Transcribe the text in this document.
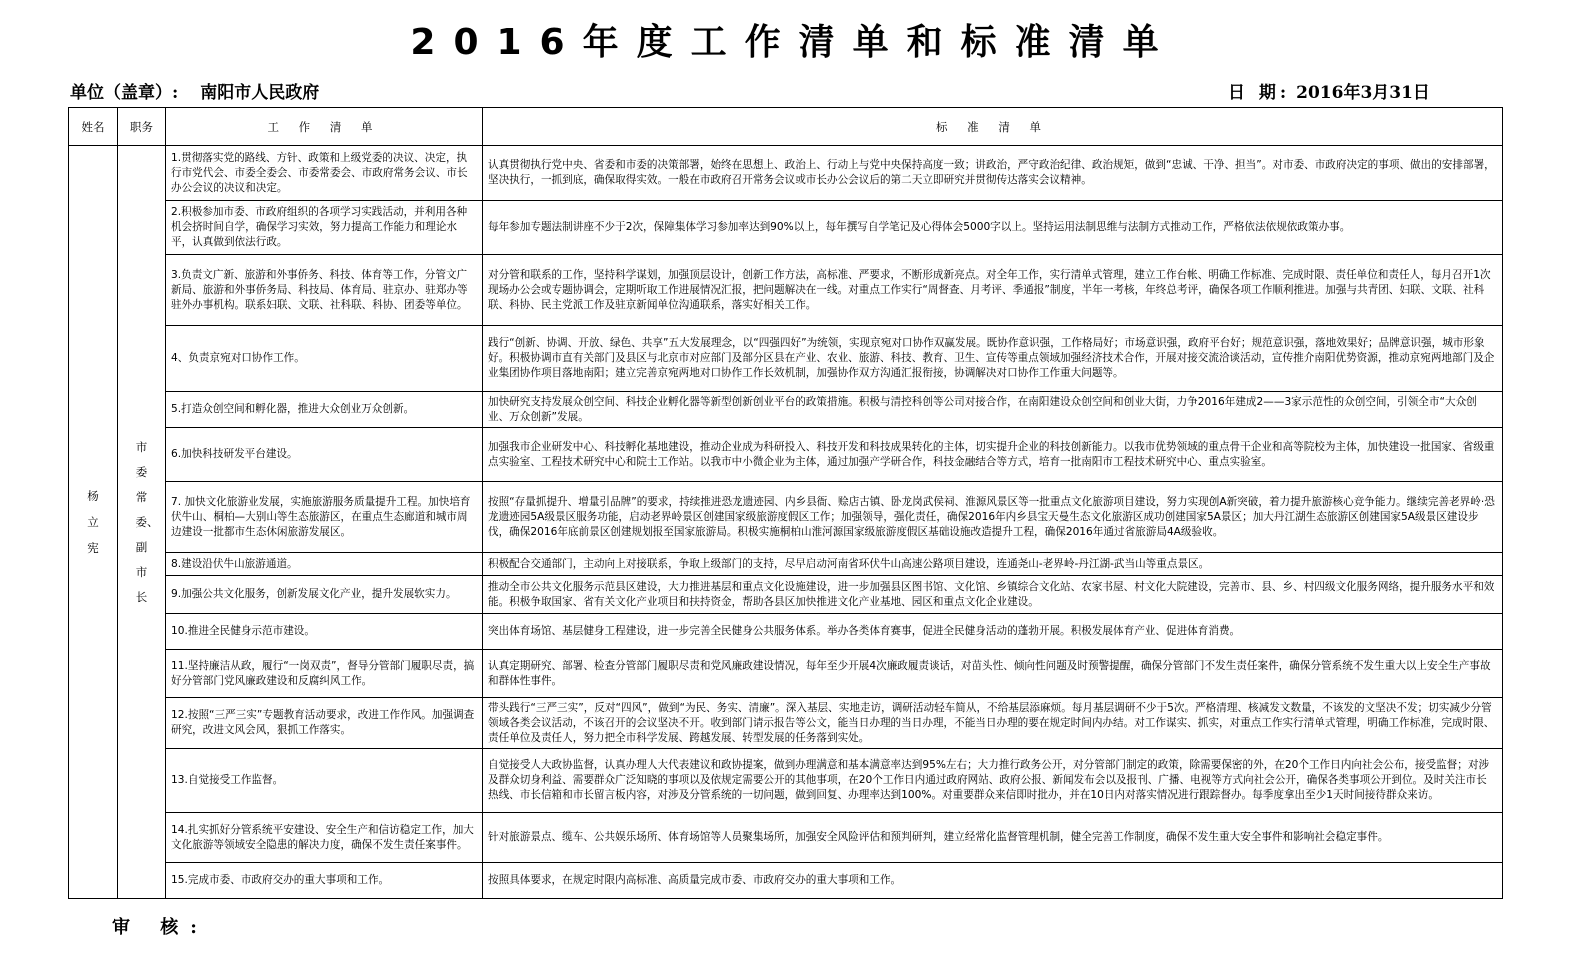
2016年度工作清单和标准清单
单位（盖章）: 南阳市人民政府	日 期: 2016年3月31日
姓名	职务	工 作 清 单	标 准 清 单
杨立宪	市委常委、副市长	1.贯彻落实党的路线、方针、政策和上级党委的决议、决定，执行市党代会、市委全委会、市委常委会、市政府常务会议、市长办公会议的决议和决定。	认真贯彻执行党中央、省委和市委的决策部署，始终在思想上、政治上、行动上与党中央保持高度一致；讲政治，严守政治纪律、政治规矩，做到“忠诚、干净、担当”。对市委、市政府决定的事项、做出的安排部署，坚决执行，一抓到底，确保取得实效。一般在市政府召开常务会议或市长办公会议后的第二天立即研究并贯彻传达落实会议精神。
		2.积极参加市委、市政府组织的各项学习实践活动，并利用各种机会挤时间自学，确保学习实效，努力提高工作能力和理论水平，认真做到依法行政。	每年参加专题法制讲座不少于2次，保障集体学习参加率达到90%以上，每年撰写自学笔记及心得体会5000字以上。坚持运用法制思维与法制方式推动工作，严格依法依规依政策办事。
		3.负责文广新、旅游和外事侨务、科技、体育等工作，分管文广新局、旅游和外事侨务局、科技局、体育局、驻京办、驻郑办等驻外办事机构。联系妇联、文联、社科联、科协、团委等单位。	对分管和联系的工作，坚持科学谋划，加强顶层设计，创新工作方法，高标准、严要求，不断形成新亮点。对全年工作，实行清单式管理，建立工作台帐、明确工作标准、完成时限、责任单位和责任人，每月召开1次现场办公会或专题协调会，定期听取工作进展情况汇报，把问题解决在一线。对重点工作实行“周督查、月考评、季通报”制度，半年一考核，年终总考评，确保各项工作顺利推进。加强与共青团、妇联、文联、社科联、科协、民主党派工作及驻京新闻单位沟通联系，落实好相关工作。
		4、负责京宛对口协作工作。	践行“创新、协调、开放、绿色、共享”五大发展理念，以“四强四好”为统领，实现京宛对口协作双赢发展。既协作意识强，工作格局好；市场意识强，政府平台好；规范意识强，落地效果好；品牌意识强，城市形象好。积极协调市直有关部门及县区与北京市对应部门及部分区县在产业、农业、旅游、科技、教育、卫生、宣传等重点领域加强经济技术合作，开展对接交流洽谈活动，宣传推介南阳优势资源，推动京宛两地部门及企业集团协作项目落地南阳；建立完善京宛两地对口协作工作长效机制，加强协作双方沟通汇报衔接，协调解决对口协作工作重大问题等。
		5.打造众创空间和孵化器，推进大众创业万众创新。	加快研究支持发展众创空间、科技企业孵化器等新型创新创业平台的政策措施。积极与清控科创等公司对接合作，在南阳建设众创空间和创业大街，力争2016年建成2——3家示范性的众创空间，引领全市“大众创业、万众创新”发展。
		6.加快科技研发平台建设。	加强我市企业研发中心、科技孵化基地建设，推动企业成为科研投入、科技开发和科技成果转化的主体，切实提升企业的科技创新能力。以我市优势领域的重点骨干企业和高等院校为主体，加快建设一批国家、省级重点实验室、工程技术研究中心和院士工作站。以我市中小微企业为主体，通过加强产学研合作，科技金融结合等方式，培育一批南阳市工程技术研究中心、重点实验室。
		7. 加快文化旅游业发展，实施旅游服务质量提升工程。加快培育伏牛山、桐柏—大别山等生态旅游区，在重点生态廊道和城市周边建设一批都市生态休闲旅游发展区。	按照“存量抓提升、增量引品牌”的要求，持续推进恐龙遗迹园、内乡县衙、赊店古镇、卧龙岗武侯祠、淮源风景区等一批重点文化旅游项目建设，努力实现创A新突破，着力提升旅游核心竞争能力。继续完善老界岭·恐龙遗迹园5A级景区服务功能，启动老界岭景区创建国家级旅游度假区工作；加强领导，强化责任，确保2016年内乡县宝天曼生态文化旅游区成功创建国家5A景区；加大丹江湖生态旅游区创建国家5A级景区建设步伐，确保2016年底前景区创建规划报至国家旅游局。积极实施桐柏山淮河源国家级旅游度假区基础设施改造提升工程，确保2016年通过省旅游局4A级验收。
		8.建设沿伏牛山旅游通道。	积极配合交通部门，主动向上对接联系，争取上级部门的支持，尽早启动河南省环伏牛山高速公路项目建设，连通尧山-老界岭-丹江湖-武当山等重点景区。
		9.加强公共文化服务，创新发展文化产业，提升发展软实力。	推动全市公共文化服务示范县区建设，大力推进基层和重点文化设施建设，进一步加强县区图书馆、文化馆、乡镇综合文化站、农家书屋、村文化大院建设，完善市、县、乡、村四级文化服务网络，提升服务水平和效能。积极争取国家、省有关文化产业项目和扶持资金，帮助各县区加快推进文化产业基地、园区和重点文化企业建设。
		10.推进全民健身示范市建设。	突出体育场馆、基层健身工程建设，进一步完善全民健身公共服务体系。举办各类体育赛事，促进全民健身活动的蓬勃开展。积极发展体育产业、促进体育消费。
		11.坚持廉洁从政，履行“一岗双责”，督导分管部门履职尽责，搞好分管部门党风廉政建设和反腐纠风工作。	认真定期研究、部署、检查分管部门履职尽责和党风廉政建设情况，每年至少开展4次廉政履责谈话，对苗头性、倾向性问题及时预警提醒，确保分管部门不发生责任案件，确保分管系统不发生重大以上安全生产事故和群体性事件。
		12.按照“三严三实”专题教育活动要求，改进工作作风。加强调查研究，改进文风会风，狠抓工作落实。	带头践行“三严三实”，反对“四风”，做到“为民、务实、清廉”。深入基层、实地走访，调研活动轻车简从，不给基层添麻烦。每月基层调研不少于5次。严格清理、核减发文数量，不该发的文坚决不发；切实减少分管领域各类会议活动，不该召开的会议坚决不开。收到部门请示报告等公文，能当日办理的当日办理，不能当日办理的要在规定时间内办结。对工作谋实、抓实，对重点工作实行清单式管理，明确工作标准，完成时限、责任单位及责任人，努力把全市科学发展、跨越发展、转型发展的任务落到实处。
		13.自觉接受工作监督。	自觉接受人大政协监督，认真办理人大代表建议和政协提案，做到办理满意和基本满意率达到95%左右；大力推行政务公开，对分管部门制定的政策，除需要保密的外，在20个工作日内向社会公布，接受监督；对涉及群众切身利益、需要群众广泛知晓的事项以及依规定需要公开的其他事项，在20个工作日内通过政府网站、政府公报、新闻发布会以及报刊、广播、电视等方式向社会公开，确保各类事项公开到位。及时关注市长热线、市长信箱和市长留言板内容，对涉及分管系统的一切问题，做到回复、办理率达到100%。对重要群众来信即时批办，并在10日内对落实情况进行跟踪督办。每季度拿出至少1天时间接待群众来访。
		14.扎实抓好分管系统平安建设、安全生产和信访稳定工作，加大文化旅游等领域安全隐患的解决力度，确保不发生责任案事件。	针对旅游景点、缆车、公共娱乐场所、体育场馆等人员聚集场所，加强安全风险评估和预判研判，建立经常化监督管理机制，健全完善工作制度，确保不发生重大安全事件和影响社会稳定事件。
		15.完成市委、市政府交办的重大事项和工作。	按照具体要求，在规定时限内高标准、高质量完成市委、市政府交办的重大事项和工作。
审 核:
